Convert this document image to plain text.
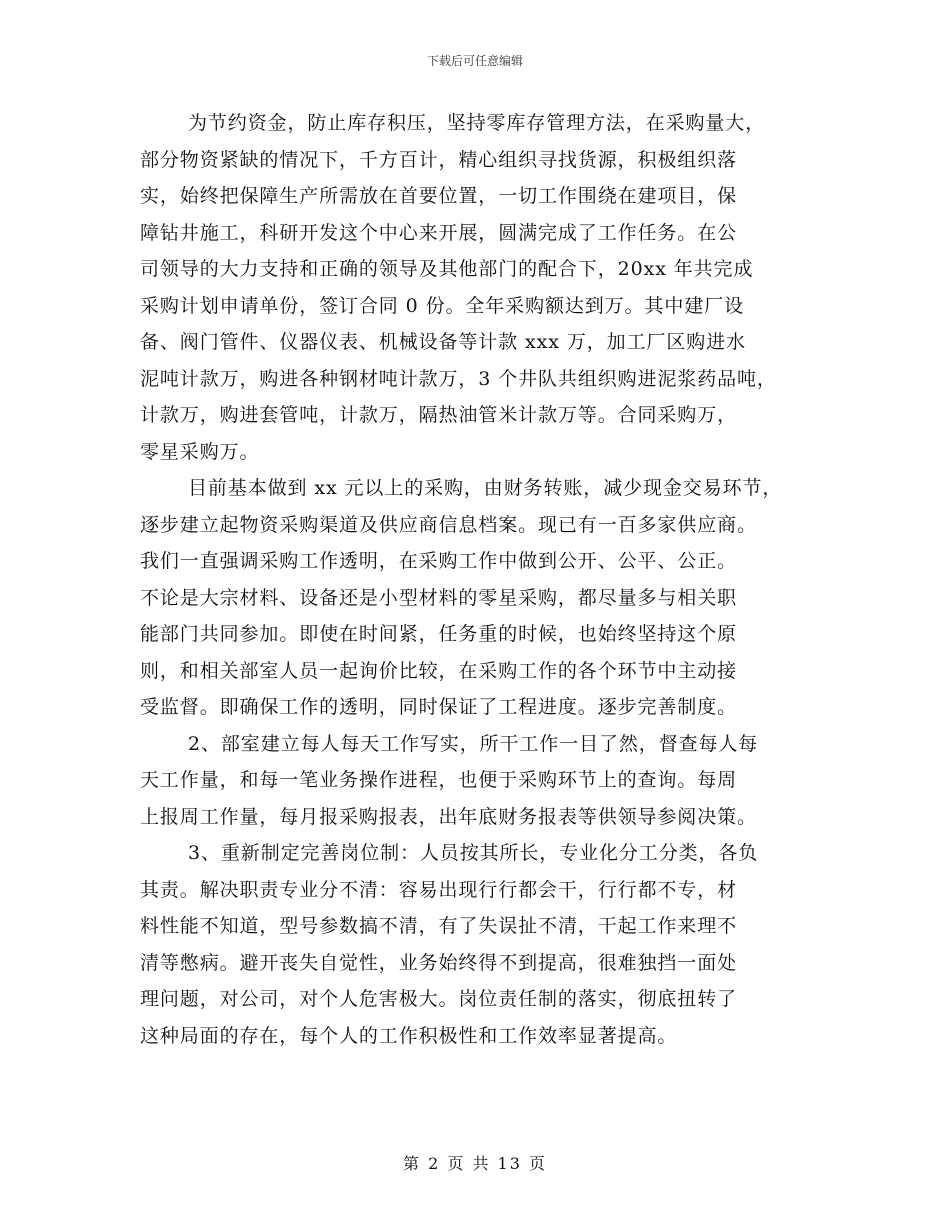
下载后可任意编辑
为节约资金，防止库存积压，坚持零库存管理方法，在采购量大，
部分物资紧缺的情况下，千方百计，精心组织寻找货源，积极组织落
实，始终把保障生产所需放在首要位置，一切工作围绕在建项目，保
障钻井施工，科研开发这个中心来开展，圆满完成了工作任务。在公
司领导的大力支持和正确的领导及其他部门的配合下，20xx 年共完成
采购计划申请单份，签订合同 0 份。全年采购额达到万。其中建厂设
备、阀门管件、仪器仪表、机械设备等计款 xxx 万，加工厂区购进水
泥吨计款万，购进各种钢材吨计款万，3 个井队共组织购进泥浆药品吨，
计款万，购进套管吨，计款万，隔热油管米计款万等。合同采购万，
零星采购万。
目前基本做到 xx 元以上的采购，由财务转账，减少现金交易环节，
逐步建立起物资采购渠道及供应商信息档案。现已有一百多家供应商。
我们一直强调采购工作透明，在采购工作中做到公开、公平、公正。
不论是大宗材料、设备还是小型材料的零星采购，都尽量多与相关职
能部门共同参加。即使在时间紧，任务重的时候，也始终坚持这个原
则，和相关部室人员一起询价比较，在采购工作的各个环节中主动接
受监督。即确保工作的透明，同时保证了工程进度。逐步完善制度。
2、部室建立每人每天工作写实，所干工作一目了然，督查每人每
天工作量，和每一笔业务操作进程，也便于采购环节上的查询。每周
上报周工作量，每月报采购报表，出年底财务报表等供领导参阅决策。
3、重新制定完善岗位制：人员按其所长，专业化分工分类，各负
其责。解决职责专业分不清：容易出现行行都会干，行行都不专，材
料性能不知道，型号参数搞不清，有了失误扯不清，干起工作来理不
清等憋病。避开丧失自觉性，业务始终得不到提高，很难独挡一面处
理问题，对公司，对个人危害极大。岗位责任制的落实，彻底扭转了
这种局面的存在，每个人的工作积极性和工作效率显著提高。
第 2 页 共 13 页
